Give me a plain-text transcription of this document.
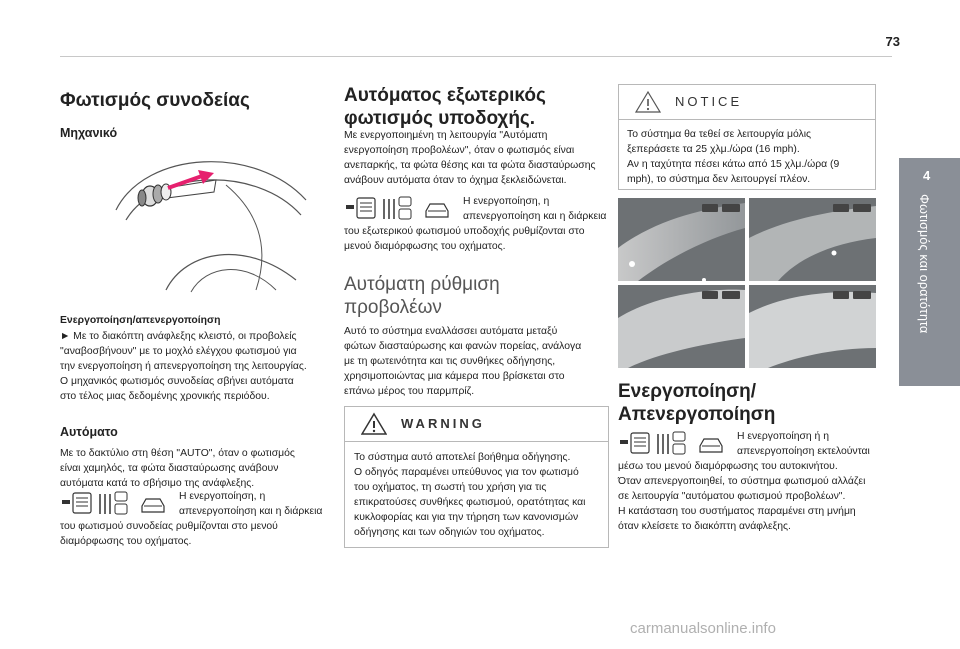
73
4
Φωτισμός και ορατότητα
Φωτισμός συνοδείας
Μηχανικό

Ενεργοποίηση/απενεργοποίηση

► Με το διακόπτη ανάφλεξης κλειστό, οι προβολείς

"αναβοσβήνουν" με το μοχλό ελέγχου φωτισμού για

την ενεργοποίηση ή απενεργοποίηση της λειτουργίας.

Ο μηχανικός φωτισμός συνοδείας σβήνει αυτόματα

στο τέλος μιας δεδομένης χρονικής περιόδου.

Αυτόματο

Με το δακτύλιο στη θέση "AUTO", όταν ο φωτισμός

είναι χαμηλός, τα φώτα διασταύρωσης ανάβουν

αυτόματα κατά το σβήσιμο της ανάφλεξης.

Η ενεργοποίηση, η

απενεργοποίηση και η διάρκεια

του φωτισμού συνοδείας ρυθμίζονται στο μενού

διαμόρφωσης του οχήματος.

Αυτόματος εξωτερικός
φωτισμός υποδοχής.

Με ενεργοποιημένη τη λειτουργία "Αυτόματη

ενεργοποίηση προβολέων", όταν ο φωτισμός είναι

ανεπαρκής, τα φώτα θέσης και τα φώτα διασταύρωσης

ανάβουν αυτόματα όταν το όχημα ξεκλειδώνεται.

Η ενεργοποίηση, η

απενεργοποίηση και η διάρκεια

του εξωτερικού φωτισμού υποδοχής ρυθμίζονται στο

μενού διαμόρφωσης του οχήματος.

Αυτόματη ρύθμιση
προβολέων

Αυτό το σύστημα εναλλάσσει αυτόματα μεταξύ

φώτων διασταύρωσης και φανών πορείας, ανάλογα

με τη φωτεινότητα και τις συνθήκες οδήγησης,

χρησιμοποιώντας μια κάμερα που βρίσκεται στο

επάνω μέρος του παρμπρίζ.

WARNING

Το σύστημα αυτό αποτελεί βοήθημα οδήγησης.

Ο οδηγός παραμένει υπεύθυνος για τον φωτισμό

του οχήματος, τη σωστή του χρήση για τις

επικρατούσες συνθήκες φωτισμού, ορατότητας και

κυκλοφορίας και για την τήρηση των κανονισμών

οδήγησης και των οδηγιών του οχήματος.

NOTICE

Το σύστημα θα τεθεί σε λειτουργία μόλις

ξεπεράσετε τα 25 χλμ./ώρα (16 mph).

Αν η ταχύτητα πέσει κάτω από 15 χλμ./ώρα (9

mph), το σύστημα δεν λειτουργεί πλέον.

Ενεργοποίηση/
Απενεργοποίηση

Η ενεργοποίηση ή η

απενεργοποίηση εκτελούνται

μέσω του μενού διαμόρφωσης του αυτοκινήτου.

Όταν απενεργοποιηθεί, το σύστημα φωτισμού αλλάζει

σε λειτουργία "αυτόματου φωτισμού προβολέων".

Η κατάσταση του συστήματος παραμένει στη μνήμη

όταν κλείσετε το διακόπτη ανάφλεξης.

carmanualsonline.info
